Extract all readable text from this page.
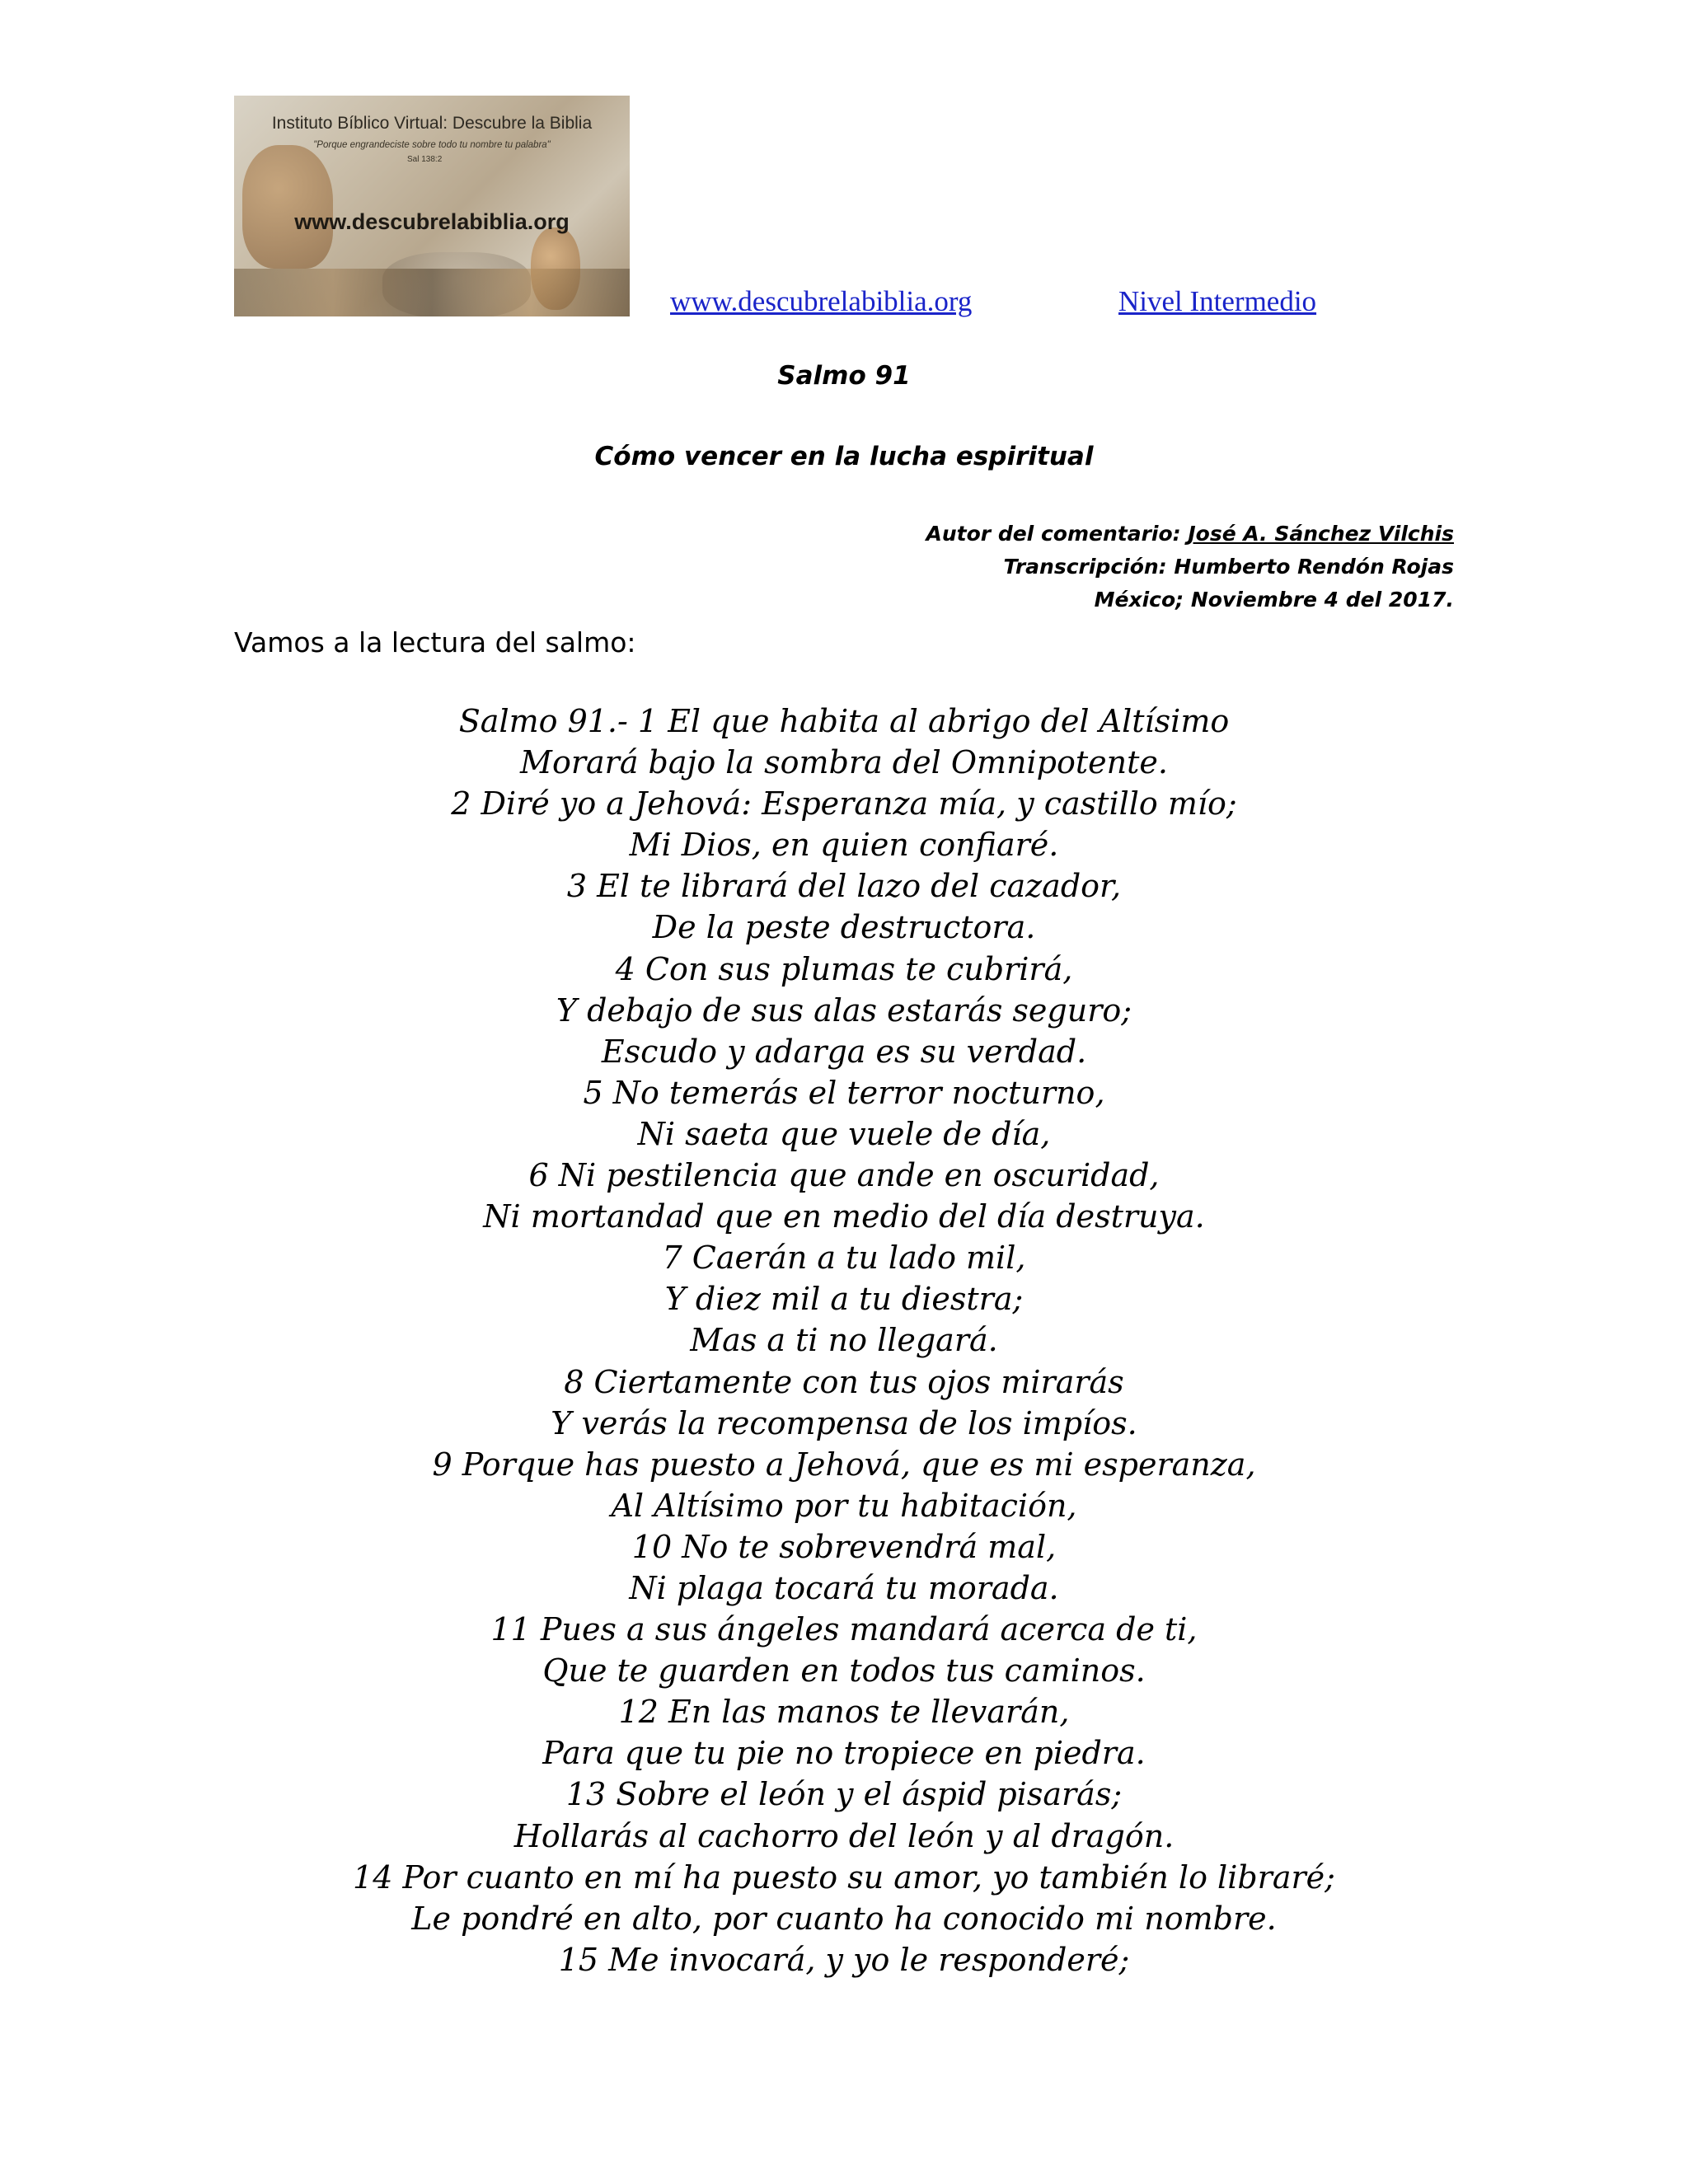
Instituto Bíblico Virtual: Descubre la Biblia
"Porque engrandeciste sobre todo tu nombre tu palabra"
Sal 138:2
www.descubrelabiblia.org
www.descubrelabiblia.org	Nivel Intermedio
Salmo 91
Cómo vencer en la lucha espiritual
Autor del comentario: José A. Sánchez Vilchis
Transcripción: Humberto Rendón Rojas
México; Noviembre 4 del 2017.
Vamos a la lectura del salmo:
Salmo 91.- 1 El que habita al abrigo del Altísimo
Morará bajo la sombra del Omnipotente.
2 Diré yo a Jehová: Esperanza mía, y castillo mío;
Mi Dios, en quien confiaré.
3 El te librará del lazo del cazador,
De la peste destructora.
4 Con sus plumas te cubrirá,
Y debajo de sus alas estarás seguro;
Escudo y adarga es su verdad.
5 No temerás el terror nocturno,
Ni saeta que vuele de día,
6 Ni pestilencia que ande en oscuridad,
Ni mortandad que en medio del día destruya.
7 Caerán a tu lado mil,
Y diez mil a tu diestra;
Mas a ti no llegará.
8 Ciertamente con tus ojos mirarás
Y verás la recompensa de los impíos.
9 Porque has puesto a Jehová, que es mi esperanza,
Al Altísimo por tu habitación,
10 No te sobrevendrá mal,
Ni plaga tocará tu morada.
11 Pues a sus ángeles mandará acerca de ti,
Que te guarden en todos tus caminos.
12 En las manos te llevarán,
Para que tu pie no tropiece en piedra.
13 Sobre el león y el áspid pisarás;
Hollarás al cachorro del león y al dragón.
14 Por cuanto en mí ha puesto su amor, yo también lo libraré;
Le pondré en alto, por cuanto ha conocido mi nombre.
15 Me invocará, y yo le responderé;
